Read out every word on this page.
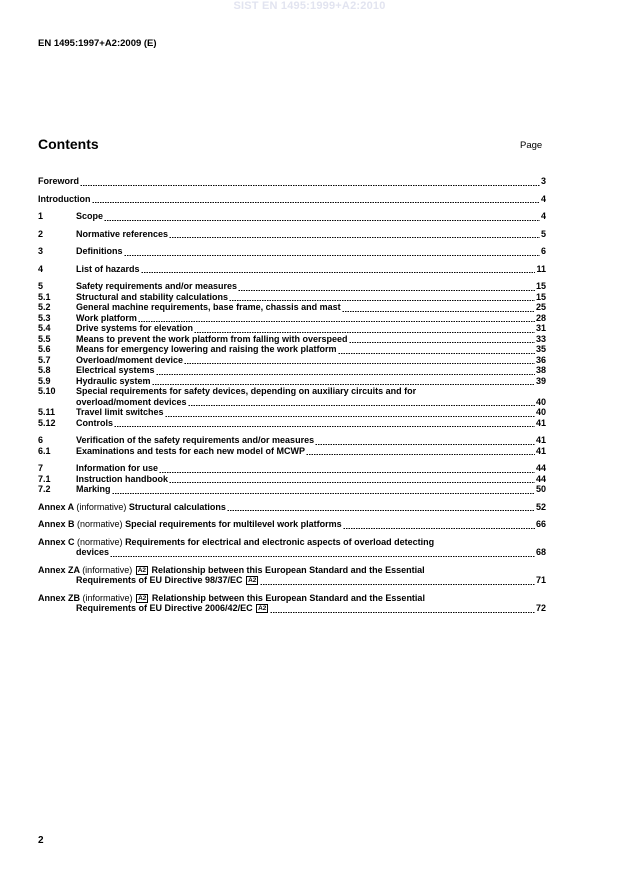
SIST EN 1495:1999+A2:2010
EN 1495:1997+A2:2009 (E)
Contents	Page
Foreword	3
Introduction	4
1	Scope	4
2	Normative references	5
3	Definitions	6
4	List of hazards	11
5	Safety requirements and/or measures	15
5.1	Structural and stability calculations	15
5.2	General machine requirements, base frame, chassis and mast	25
5.3	Work platform	28
5.4	Drive systems for elevation	31
5.5	Means to prevent the work platform from falling with overspeed	33
5.6	Means for emergency lowering and raising the work platform	35
5.7	Overload/moment device	36
5.8	Electrical systems	38
5.9	Hydraulic system	39
5.10	Special requirements for safety devices, depending on auxiliary circuits and for
overload/moment devices	40
5.11	Travel limit switches	40
5.12	Controls	41
6	Verification of the safety requirements and/or measures	41
6.1	Examinations and tests for each new model of MCWP	41
7	Information for use	44
7.1	Instruction handbook	44
7.2	Marking	50
Annex A (informative) Structural calculations	52
Annex B (normative) Special requirements for multilevel work platforms	66
Annex C (normative) Requirements for electrical and electronic aspects of overload detecting
devices	68
Annex ZA (informative) A2 Relationship between this European Standard and the Essential
Requirements of EU Directive 98/37/EC A2	71
Annex ZB (informative) A2 Relationship between this European Standard and the Essential
Requirements of EU Directive 2006/42/EC A2	72
2
